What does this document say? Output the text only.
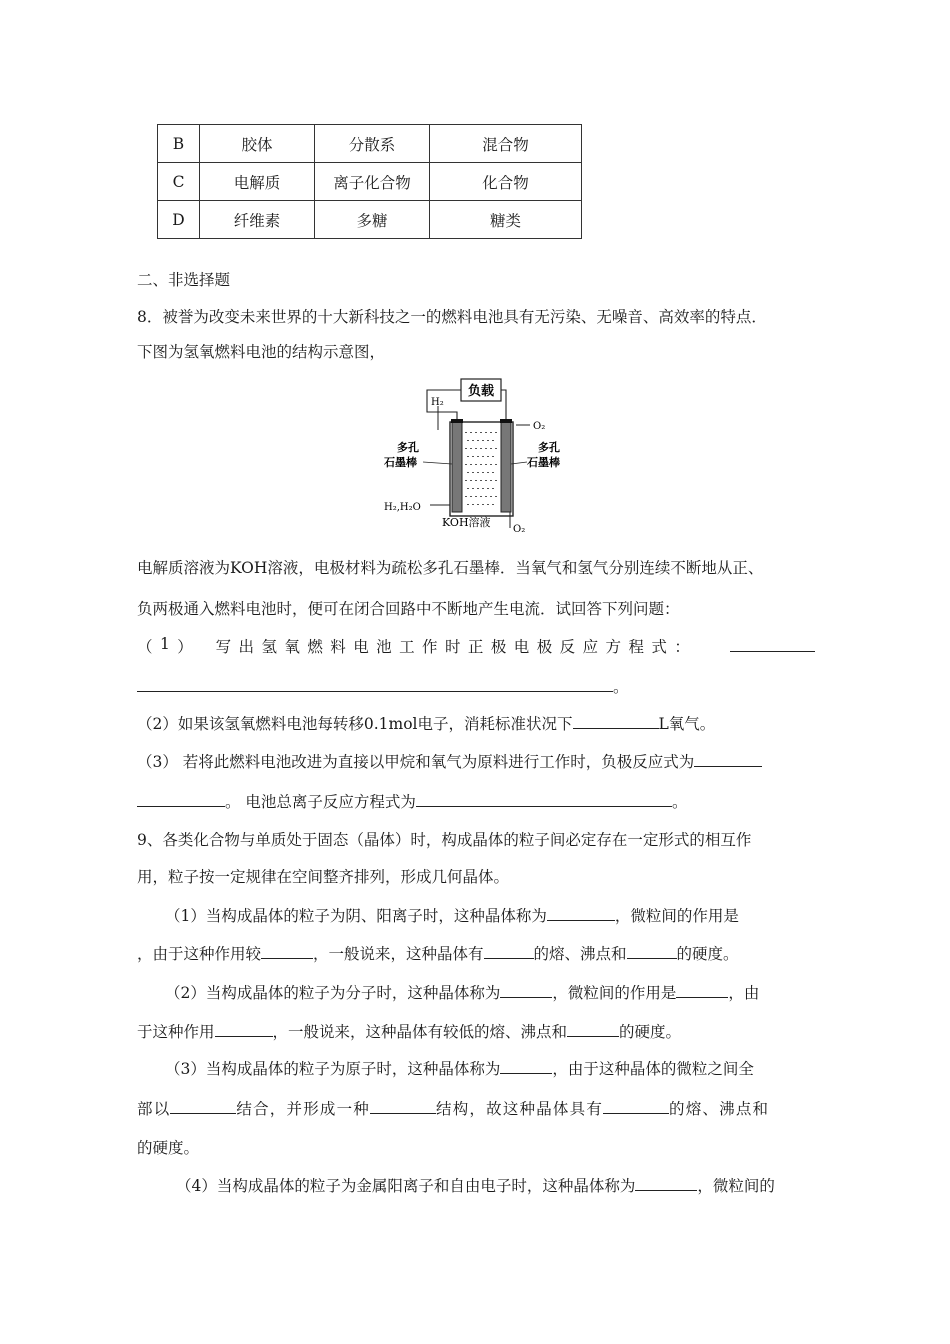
B	胶体	分散系	混合物
C	电解质	离子化合物	化合物
D	纤维素	多糖	糖类
二、非选择题
8．被誉为改变未来世界的十大新科技之一的燃料电池具有无污染、无噪音、高效率的特点．
下图为氢氧燃料电池的结构示意图，
负载
H₂
O₂
多孔
石墨棒
多孔
石墨棒
H₂,H₂O
KOH溶液
O₂
电解质溶液为KOH溶液，电极材料为疏松多孔石墨棒．当氧气和氢气分别连续不断地从正、
负两极通入燃料电池时，便可在闭合回路中不断地产生电流．试回答下列问题：
（ 1 ） 写 出 氢 氧 燃 料 电 池 工 作 时 正 极 电 极 反 应 方 程 式 ：
。
（2）如果该氢氧燃料电池每转移0.1mol电子，消耗标准状况下	L氧气。
（3） 若将此燃料电池改进为直接以甲烷和氧气为原料进行工作时，负极反应式为
。 电池总离子反应方程式为	。
9、各类化合物与单质处于固态（晶体）时，构成晶体的粒子间必定存在一定形式的相互作
用，粒子按一定规律在空间整齐排列，形成几何晶体。
（1）当构成晶体的粒子为阴、阳离子时，这种晶体称为	，微粒间的作用是
，由于这种作用较	，一般说来，这种晶体有	的熔、沸点和	的硬度。
（2）当构成晶体的粒子为分子时，这种晶体称为	，微粒间的作用是	，由
于这种作用	，一般说来，这种晶体有较低的熔、沸点和	的硬度。
（3）当构成晶体的粒子为原子时，这种晶体称为	，由于这种晶体的微粒之间全
部以	结合，并形成一种	结构，故这种晶体具有	的熔、沸点和
的硬度。
（4）当构成晶体的粒子为金属阳离子和自由电子时，这种晶体称为	，微粒间的
